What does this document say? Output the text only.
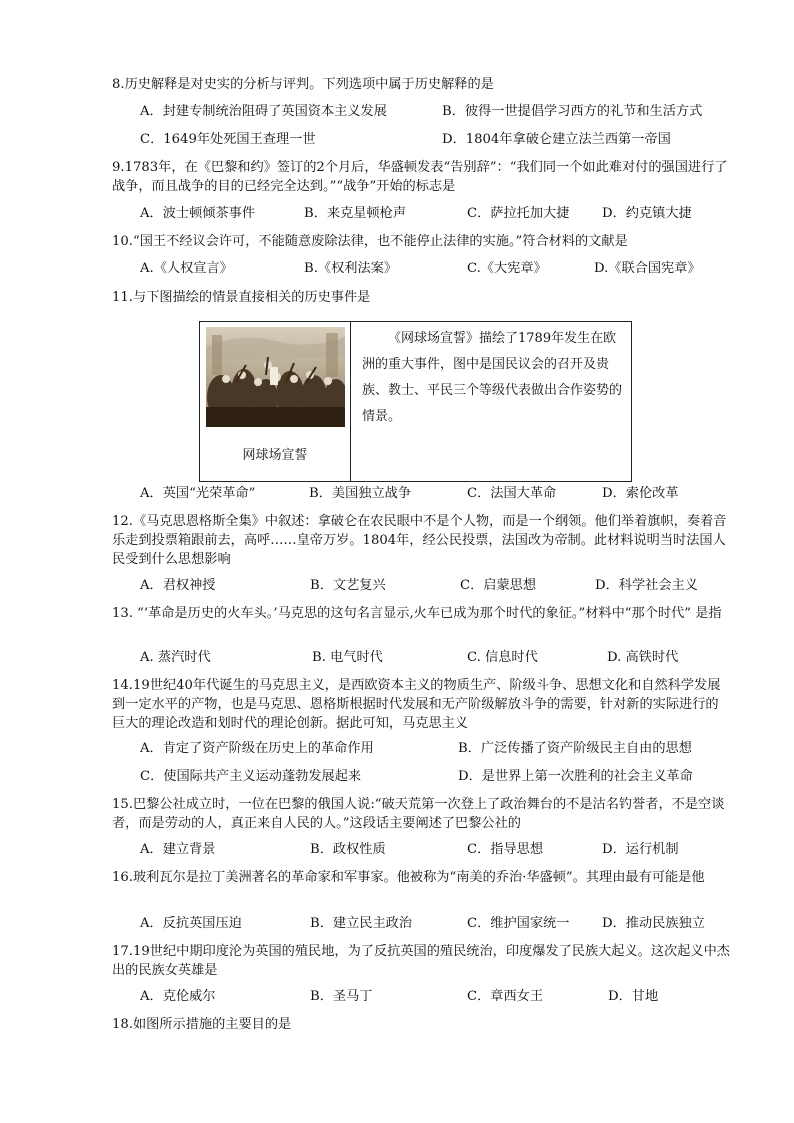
8.历史解释是对史实的分析与评判。下列选项中属于历史解释的是
A．封建专制统治阻碍了英国资本主义发展	B．彼得一世提倡学习西方的礼节和生活方式
C．1649年处死国王查理一世	D．1804年拿破仑建立法兰西第一帝国
9.1783年，在《巴黎和约》签订的2个月后，华盛顿发表“告别辞”：“我们同一个如此难对付的强国进行了战争，而且战争的目的已经完全达到。”“战争”开始的标志是
A．波士顿倾茶事件	B．来克星顿枪声	C．萨拉托加大捷 D．约克镇大捷
10.“国王不经议会许可，不能随意废除法律，也不能停止法律的实施。”符合材料的文献是
A.《人权宣言》	B.《权利法案》	C.《大宪章》	D.《联合国宪章》
11.与下图描绘的情景直接相关的历史事件是
网球场宣誓
《网球场宣誓》描绘了1789年发生在欧洲的重大事件，图中是国民议会的召开及贵族、教士、平民三个等级代表做出合作姿势的情景。
A．英国“光荣革命”	B．美国独立战争	C．法国大革命	D．索伦改革
12.《马克思恩格斯全集》中叙述：拿破仑在农民眼中不是个人物，而是一个纲领。他们举着旗帜，奏着音乐走到投票箱跟前去，高呼……皇帝万岁。1804年，经公民投票，法国改为帝制。此材料说明当时法国人民受到什么思想影响
A．君权神授	B．文艺复兴	C．启蒙思想	D．科学社会主义
13. “‘革命是历史的火车头。’马克思的这句名言显示,火车已成为那个时代的象征。”材料中“那个时代” 是指
A. 蒸汽时代	B. 电气时代	C. 信息时代	D. 高铁时代
14.19世纪40年代诞生的马克思主义，是西欧资本主义的物质生产、阶级斗争、思想文化和自然科学发展到一定水平的产物，也是马克思、恩格斯根据时代发展和无产阶级解放斗争的需要，针对新的实际进行的巨大的理论改造和划时代的理论创新。据此可知，马克思主义
A．肯定了资产阶级在历史上的革命作用	B．广泛传播了资产阶级民主自由的思想
C．使国际共产主义运动蓬勃发展起来	D．是世界上第一次胜利的社会主义革命
15.巴黎公社成立时，一位在巴黎的俄国人说:“破天荒第一次登上了政治舞台的不是沽名钓誉者，不是空谈者，而是劳动的人，真正来自人民的人。”这段话主要阐述了巴黎公社的
A．建立背景	B．政权性质	C．指导思想	D．运行机制
16.玻利瓦尔是拉丁美洲著名的革命家和军事家。他被称为“南美的乔治·华盛顿”。其理由最有可能是他
A．反抗英国压迫	B．建立民主政治	C．维护国家统一 D．推动民族独立
17.19世纪中期印度沦为英国的殖民地，为了反抗英国的殖民统治，印度爆发了民族大起义。这次起义中杰出的民族女英雄是
A．克伦威尔	B．圣马丁	C．章西女王	D．甘地
18.如图所示措施的主要目的是
